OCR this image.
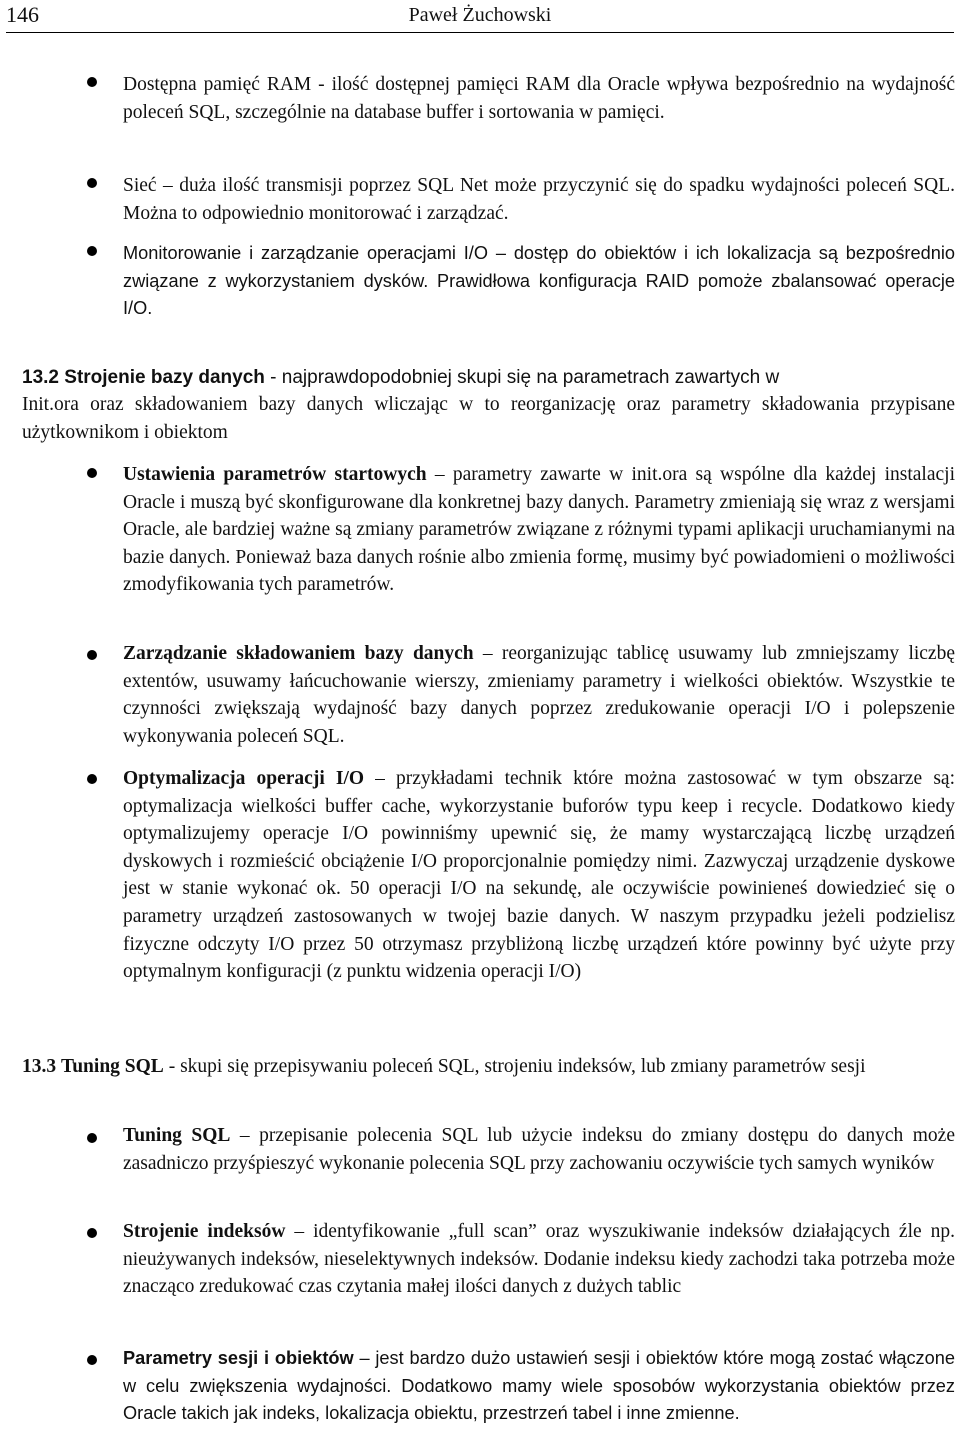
146	Paweł Żuchowski

Dostępna pamięć RAM - ilość dostępnej pamięci RAM dla Oracle wpływa bezpośrednio na wydajność poleceń SQL, szczególnie na database buffer i sortowania w pamięci.

Sieć – duża ilość transmisji poprzez SQL Net może przyczynić się do spadku wydajności poleceń SQL. Można to odpowiednio monitorować i zarządzać.

Monitorowanie i zarządzanie operacjami I/O – dostęp do obiektów i ich lokalizacja są bezpośrednio związane z wykorzystaniem dysków. Prawidłowa konfiguracja RAID pomoże zbalansować operacje I/O.

13.2 Strojenie bazy danych - najprawdopodobniej skupi się na parametrach zawartych w

Init.ora oraz składowaniem bazy danych wliczając w to reorganizację oraz parametry składowania przypisane użytkownikom i obiektom

Ustawienia parametrów startowych – parametry zawarte w init.ora są wspólne dla każdej instalacji Oracle i muszą być skonfigurowane dla konkretnej bazy danych. Parametry zmieniają się wraz z wersjami Oracle, ale bardziej ważne są zmiany parametrów związane z różnymi typami aplikacji uruchamianymi na bazie danych. Ponieważ baza danych rośnie albo zmienia formę, musimy być powiadomieni o możliwości zmodyfikowania tych parametrów.

Zarządzanie składowaniem bazy danych – reorganizując tablicę usuwamy lub zmniejszamy liczbę extentów, usuwamy łańcuchowanie wierszy, zmieniamy parametry i wielkości obiektów. Wszystkie te czynności zwiększają wydajność bazy danych poprzez zredukowanie operacji I/O i polepszenie wykonywania poleceń SQL.

Optymalizacja operacji I/O – przykładami technik które można zastosować w tym obszarze są: optymalizacja wielkości buffer cache, wykorzystanie buforów typu keep i recycle. Dodatkowo kiedy optymalizujemy operacje I/O powinniśmy upewnić się, że mamy wystarczającą liczbę urządzeń dyskowych i rozmieścić obciążenie I/O proporcjonalnie pomiędzy nimi. Zazwyczaj urządzenie dyskowe jest w stanie wykonać ok. 50 operacji I/O na sekundę, ale oczywiście powinieneś dowiedzieć się o parametry urządzeń zastosowanych w twojej bazie danych. W naszym przypadku jeżeli podzielisz fizyczne odczyty I/O przez 50 otrzymasz przybliżoną liczbę urządzeń które powinny być użyte przy optymalnym konfiguracji (z punktu widzenia operacji I/O)

13.3 Tuning SQL - skupi się przepisywaniu poleceń SQL, strojeniu indeksów, lub zmiany parametrów sesji

Tuning SQL – przepisanie polecenia SQL lub użycie indeksu do zmiany dostępu do danych może zasadniczo przyśpieszyć wykonanie polecenia SQL przy zachowaniu oczywiście tych samych wyników

Strojenie indeksów – identyfikowanie „full scan” oraz wyszukiwanie indeksów działających źle np. nieużywanych indeksów, nieselektywnych indeksów. Dodanie indeksu kiedy zachodzi taka potrzeba może znacząco zredukować czas czytania małej ilości danych z dużych tablic

Parametry sesji i obiektów – jest bardzo dużo ustawień sesji i obiektów które mogą zostać włączone w celu zwiększenia wydajności. Dodatkowo mamy wiele sposobów wykorzystania obiektów przez Oracle takich jak indeks, lokalizacja obiektu, przestrzeń tabel i inne zmienne.
